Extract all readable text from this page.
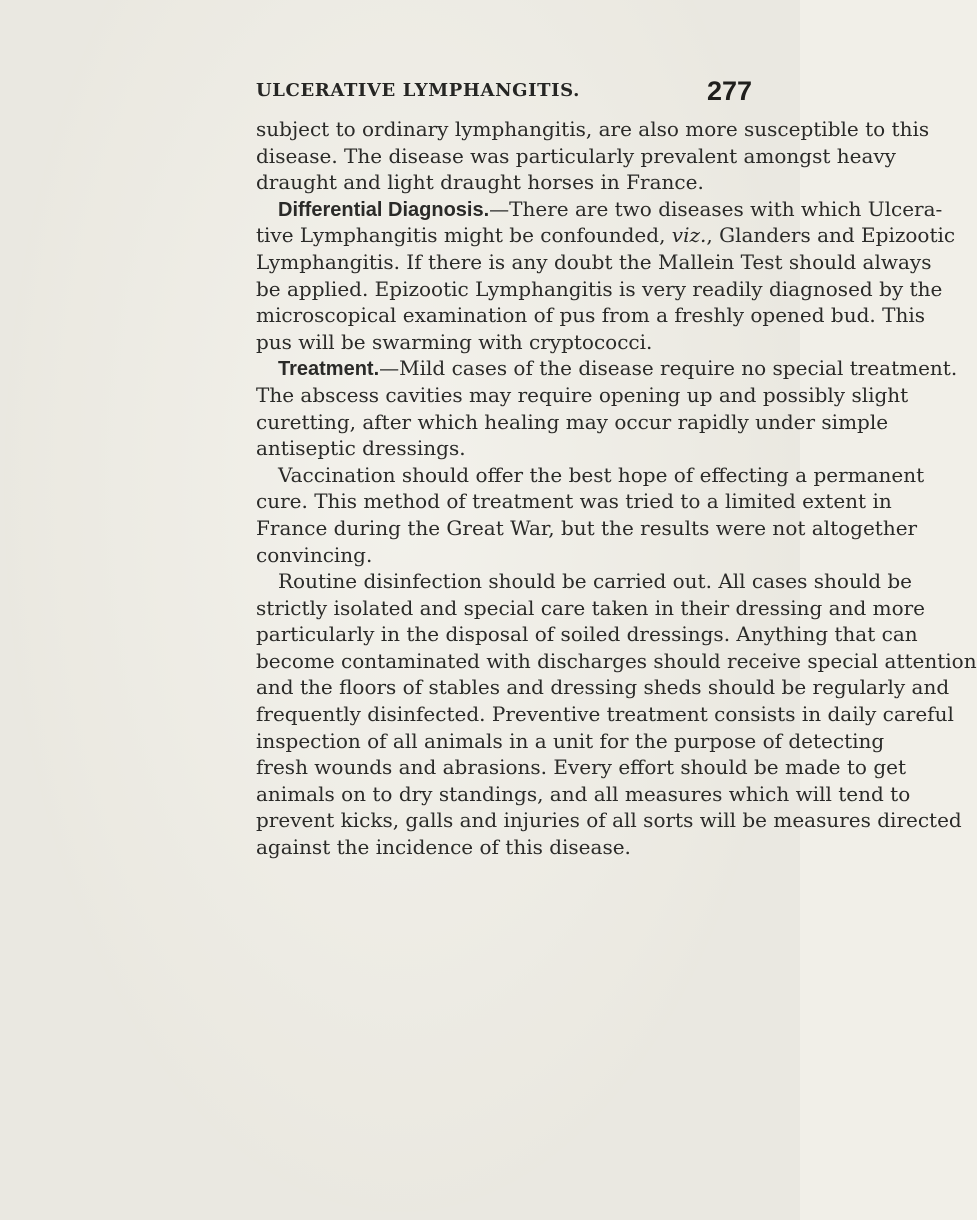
ULCERATIVE LYMPHANGITIS.	277
subject to ordinary lymphangitis, are also more susceptible to this
disease. The disease was particularly prevalent amongst heavy
draught and light draught horses in France.
Differential Diagnosis.—There are two diseases with which Ulcera-
tive Lymphangitis might be confounded, viz., Glanders and Epizootic
Lymphangitis. If there is any doubt the Mallein Test should always
be applied. Epizootic Lymphangitis is very readily diagnosed by the
microscopical examination of pus from a freshly opened bud. This
pus will be swarming with cryptococci.
Treatment.—Mild cases of the disease require no special treatment.
The abscess cavities may require opening up and possibly slight
curetting, after which healing may occur rapidly under simple
antiseptic dressings.
Vaccination should offer the best hope of effecting a permanent
cure. This method of treatment was tried to a limited extent in
France during the Great War, but the results were not altogether
convincing.
Routine disinfection should be carried out. All cases should be
strictly isolated and special care taken in their dressing and more
particularly in the disposal of soiled dressings. Anything that can
become contaminated with discharges should receive special attention
and the floors of stables and dressing sheds should be regularly and
frequently disinfected. Preventive treatment consists in daily careful
inspection of all animals in a unit for the purpose of detecting
fresh wounds and abrasions. Every effort should be made to get
animals on to dry standings, and all measures which will tend to
prevent kicks, galls and injuries of all sorts will be measures directed
against the incidence of this disease.
